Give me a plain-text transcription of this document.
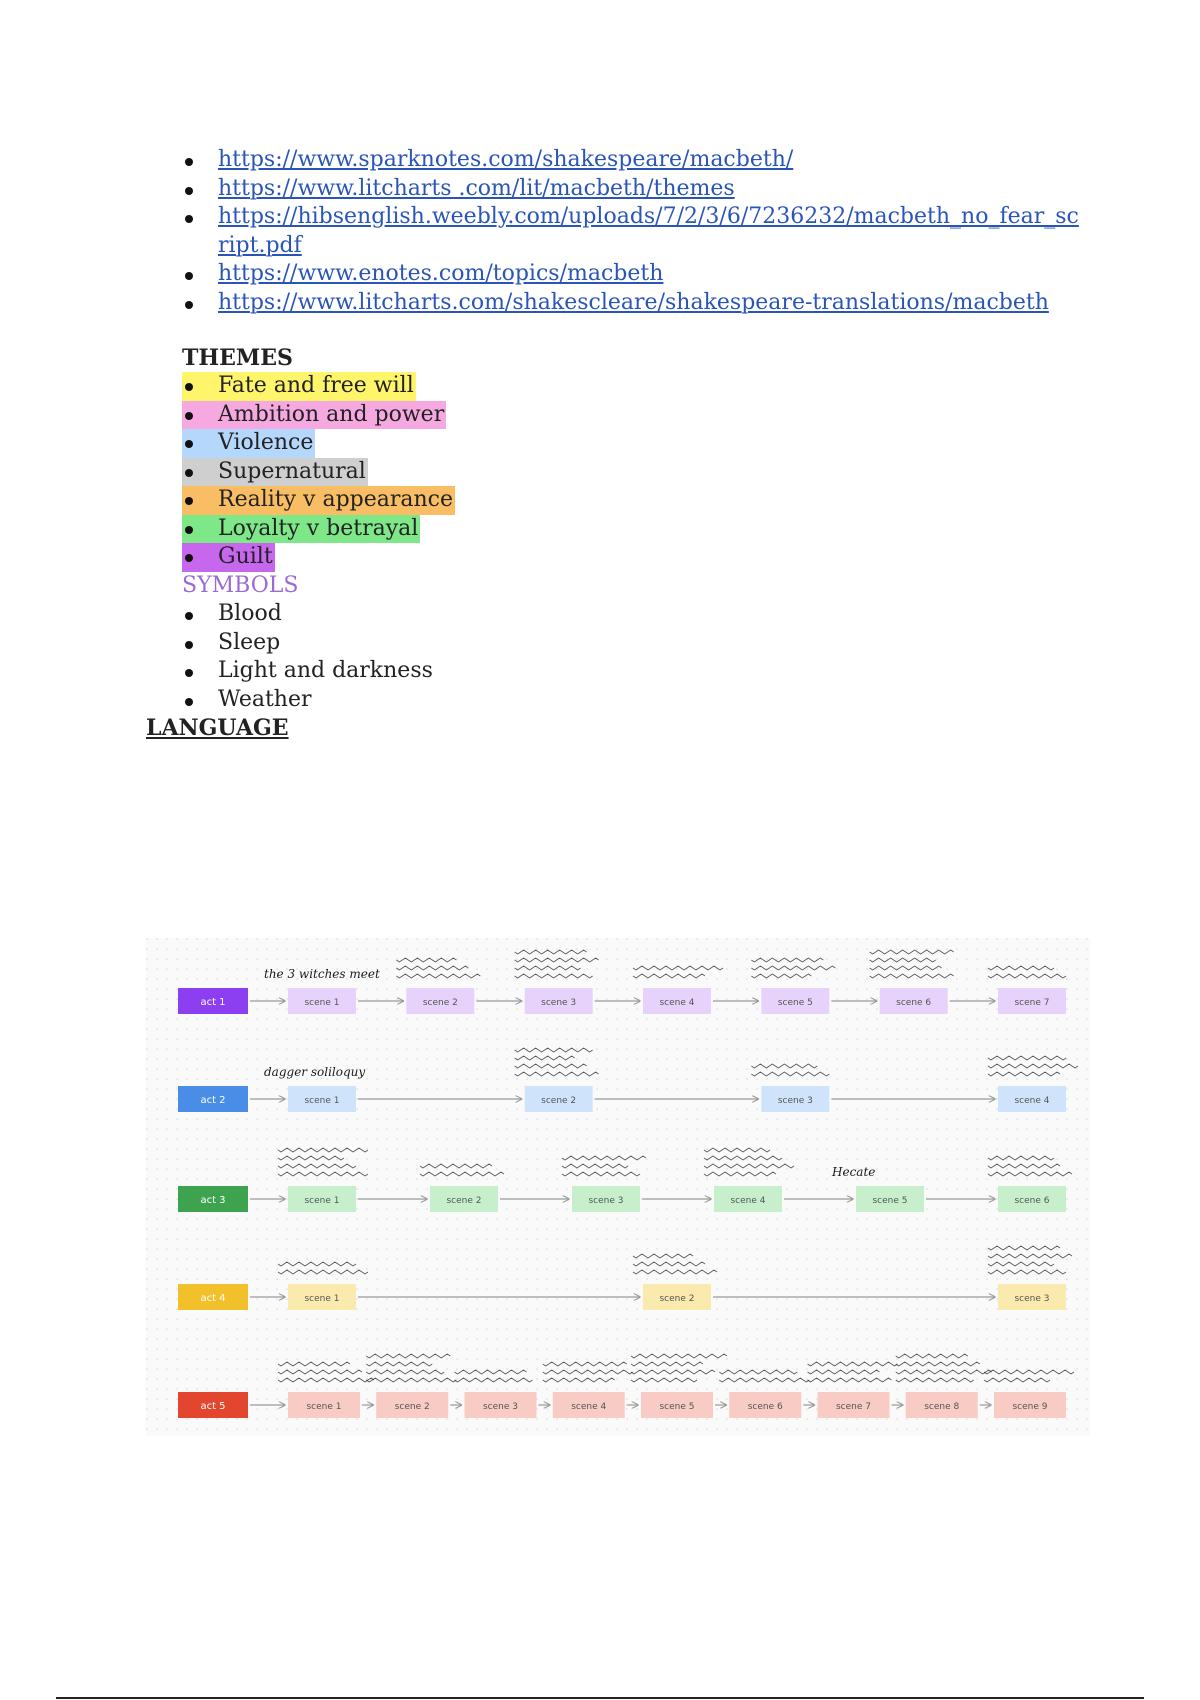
https://www.sparknotes.com/shakespeare/macbeth/
https://www.litcharts .com/lit/macbeth/themes
https://hibsenglish.weebly.com/uploads/7/2/3/6/7236232/macbeth_no_fear_script.pdf
https://www.enotes.com/topics/macbeth
https://www.litcharts.com/shakescleare/shakespeare-translations/macbeth
THEMES
Fate and free will
Ambition and power
Violence
Supernatural
Reality v appearance
Loyalty v betrayal
Guilt
SYMBOLS
Blood
Sleep
Light and darkness
Weather
LANGUAGE
act 1	scene 1
the 3 witches meet
scene 2	scene 3	scene 4	scene 5	scene 6	scene 7
act 2	scene 1
dagger soliloquy
scene 2	scene 3	scene 4
act 3	scene 1	scene 2	scene 3	scene 4	scene 5
Hecate
scene 6
act 4	scene 1	scene 2	scene 3
act 5	scene 1	scene 2	scene 3	scene 4	scene 5	scene 6	scene 7	scene 8	scene 9
